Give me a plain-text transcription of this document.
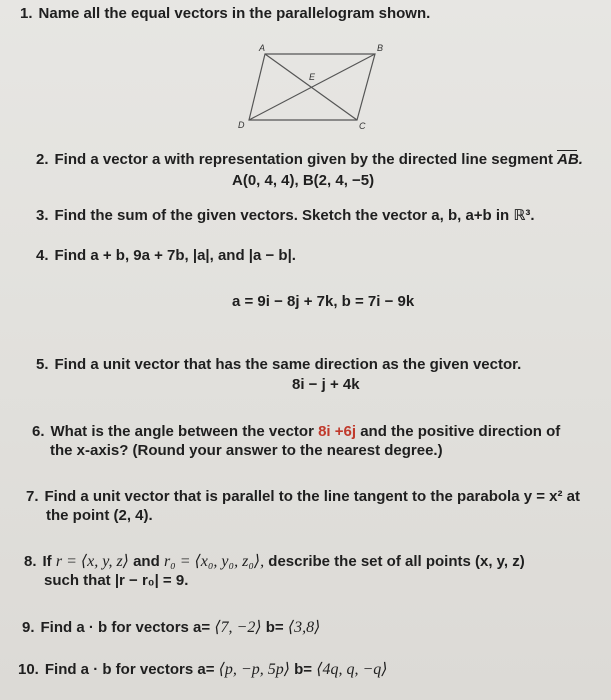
1. Name all the equal vectors in the parallelogram shown.
A	B
C
D
E
2. Find a vector a with representation given by the directed line segment AB.
A(0, 4, 4), B(2, 4, −5)
3. Find the sum of the given vectors. Sketch the vector a, b, a+b in ℝ³.
4. Find a + b, 9a + 7b, |a|, and |a − b|.
a = 9i − 8j + 7k, b = 7i − 9k
5. Find a unit vector that has the same direction as the given vector.
8i − j + 4k
6. What is the angle between the vector 8i +6j and the positive direction of
the x-axis? (Round your answer to the nearest degree.)
7. Find a unit vector that is parallel to the line tangent to the parabola y = x² at
the point (2, 4).
8. If r = ⟨x, y, z⟩ and r₀ = ⟨x₀, y₀, z₀⟩, describe the set of all points (x, y, z)
such that |r − r₀| = 9.
9. Find a · b for vectors a= ⟨7, −2⟩ b= ⟨3,8⟩
10. Find a · b for vectors a= ⟨p, −p, 5p⟩ b= ⟨4q, q, −q⟩
